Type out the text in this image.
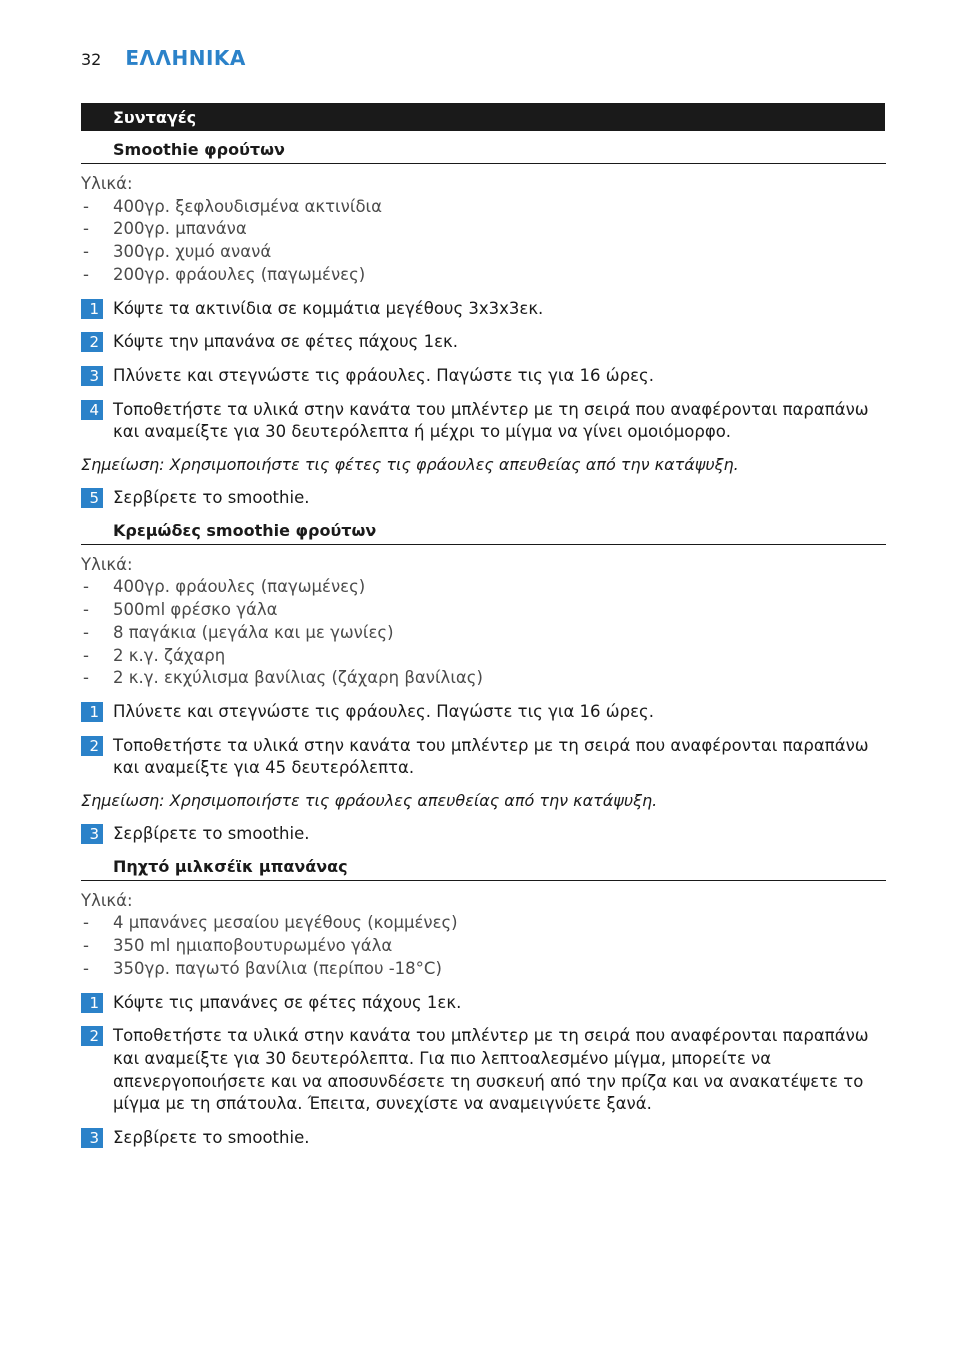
32 ΕΛΛΗΝΙΚΑ
Συνταγές
Smoothie φρούτων
Υλικά:
-	400γρ. ξεφλουδισμένα ακτινίδια
-	200γρ. μπανάνα
-	300γρ. χυμό ανανά
-	200γρ. φράουλες (παγωμένες)
1 Κόψτε τα ακτινίδια σε κομμάτια μεγέθους 3x3x3εκ.
2 Κόψτε την μπανάνα σε φέτες πάχους 1εκ.
3 Πλύνετε και στεγνώστε τις φράουλες. Παγώστε τις για 16 ώρες.
4 Τοποθετήστε τα υλικά στην κανάτα του μπλέντερ με τη σειρά που αναφέρονται παραπάνω και αναμείξτε για 30 δευτερόλεπτα ή μέχρι το μίγμα να γίνει ομοιόμορφο.
Σημείωση: Χρησιμοποιήστε τις φέτες τις φράουλες απευθείας από την κατάψυξη.
5 Σερβίρετε το smoothie.
Κρεμώδες smoothie φρούτων
Υλικά:
-	400γρ. φράουλες (παγωμένες)
-	500ml φρέσκο γάλα
-	8 παγάκια (μεγάλα και με γωνίες)
-	2 κ.γ. ζάχαρη
-	2 κ.γ. εκχύλισμα βανίλιας (ζάχαρη βανίλιας)
1 Πλύνετε και στεγνώστε τις φράουλες. Παγώστε τις για 16 ώρες.
2 Τοποθετήστε τα υλικά στην κανάτα του μπλέντερ με τη σειρά που αναφέρονται παραπάνω και αναμείξτε για 45 δευτερόλεπτα.
Σημείωση: Χρησιμοποιήστε τις φράουλες απευθείας από την κατάψυξη.
3 Σερβίρετε το smoothie.
Πηχτό μιλκσέϊκ μπανάνας
Υλικά:
-	4 μπανάνες μεσαίου μεγέθους (κομμένες)
-	350 ml ημιαποβουτυρωμένο γάλα
-	350γρ. παγωτό βανίλια (περίπου -18°C)
1 Κόψτε τις μπανάνες σε φέτες πάχους 1εκ.
2 Τοποθετήστε τα υλικά στην κανάτα του μπλέντερ με τη σειρά που αναφέρονται παραπάνω και αναμείξτε για 30 δευτερόλεπτα. Για πιο λεπτοαλεσμένο μίγμα, μπορείτε να απενεργοποιήσετε και να αποσυνδέσετε τη συσκευή από την πρίζα και να ανακατέψετε το μίγμα με τη σπάτουλα. Έπειτα, συνεχίστε να αναμειγνύετε ξανά.
3 Σερβίρετε το smoothie.
